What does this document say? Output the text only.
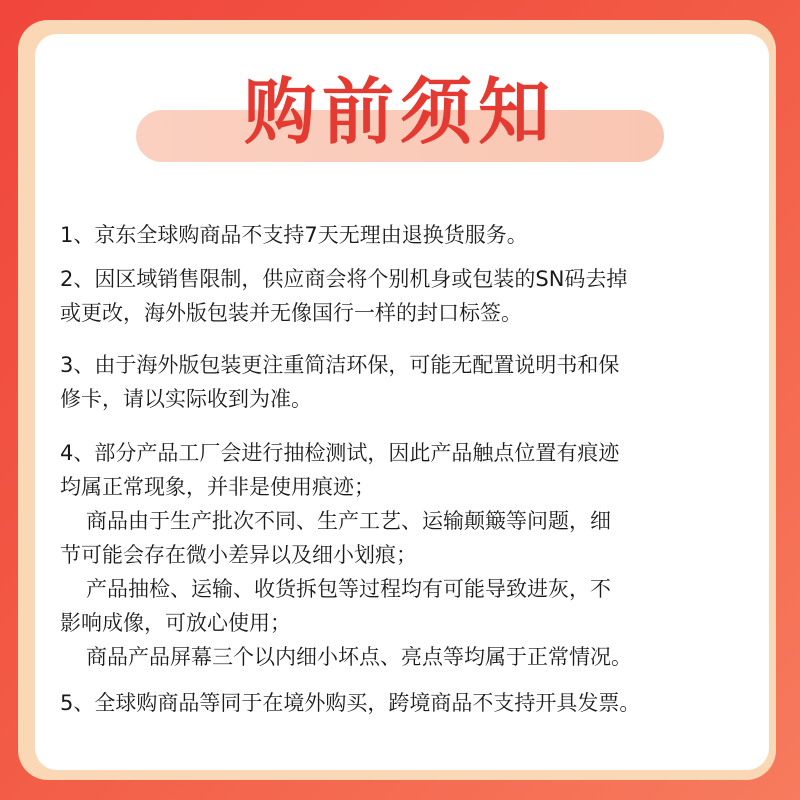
购前须知
1、京东全球购商品不支持7天无理由退换货服务。
2、因区域销售限制，供应商会将个别机身或包装的SN码去掉
或更改，海外版包装并无像国行一样的封口标签。
3、由于海外版包装更注重简洁环保，可能无配置说明书和保
修卡，请以实际收到为准。
4、部分产品工厂会进行抽检测试，因此产品触点位置有痕迹
均属正常现象，并非是使用痕迹；
商品由于生产批次不同、生产工艺、运输颠簸等问题，细
节可能会存在微小差异以及细小划痕；
产品抽检、运输、收货拆包等过程均有可能导致进灰，不
影响成像，可放心使用；
商品产品屏幕三个以内细小坏点、亮点等均属于正常情况。
5、全球购商品等同于在境外购买，跨境商品不支持开具发票。
